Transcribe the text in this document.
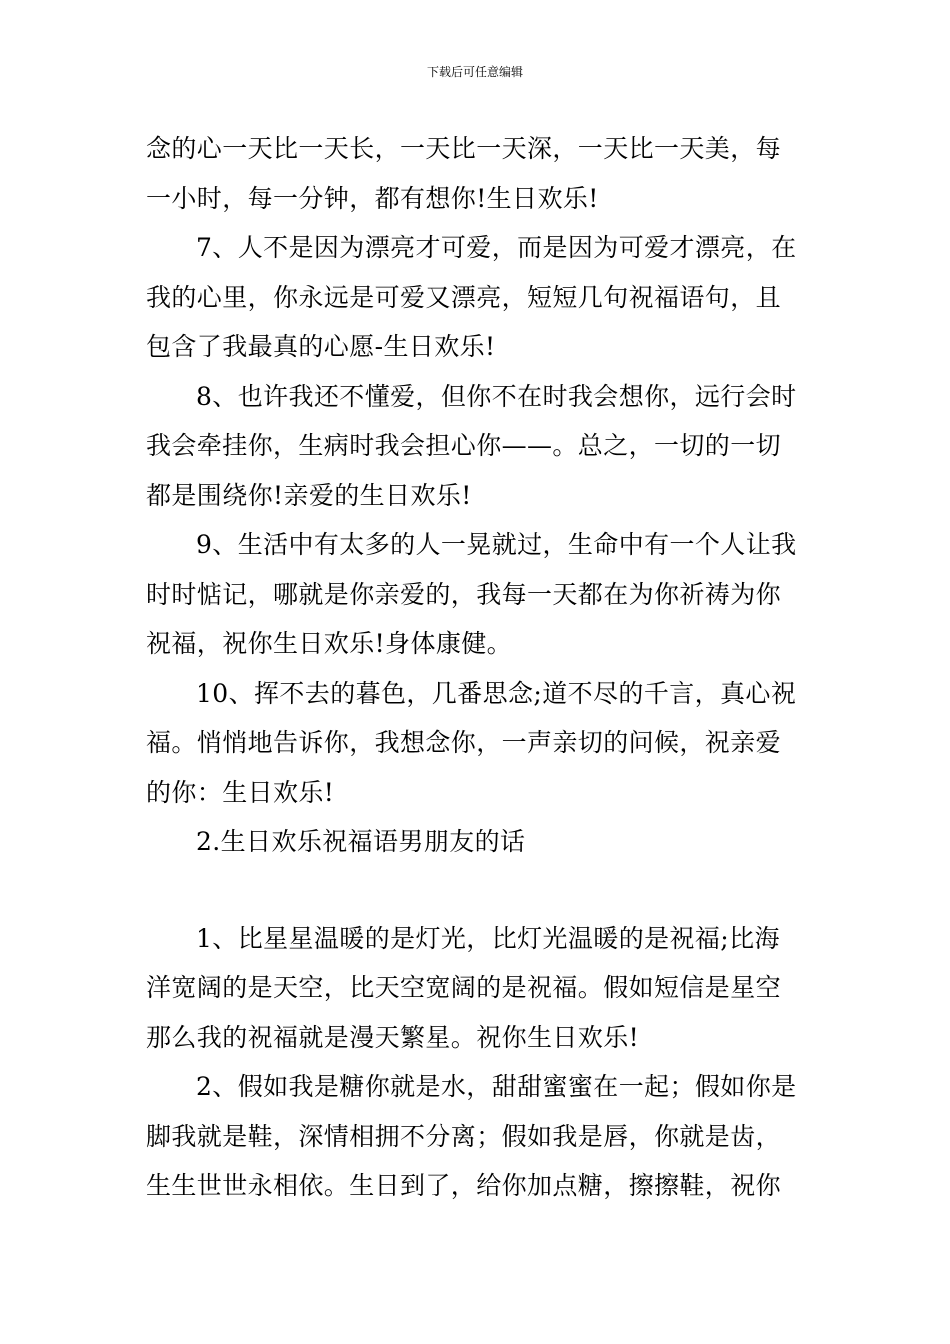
下载后可任意编辑
念的心一天比一天长，一天比一天深，一天比一天美，每
一小时，每一分钟，都有想你!生日欢乐!
7、人不是因为漂亮才可爱，而是因为可爱才漂亮，在
我的心里，你永远是可爱又漂亮，短短几句祝福语句，且
包含了我最真的心愿-生日欢乐!
8、也许我还不懂爱，但你不在时我会想你，远行会时
我会牵挂你，生病时我会担心你——。总之，一切的一切
都是围绕你!亲爱的生日欢乐!
9、生活中有太多的人一晃就过，生命中有一个人让我
时时惦记，哪就是你亲爱的，我每一天都在为你祈祷为你
祝福，祝你生日欢乐!身体康健。
10、挥不去的暮色，几番思念;道不尽的千言，真心祝
福。悄悄地告诉你，我想念你，一声亲切的问候，祝亲爱
的你：生日欢乐!
2.生日欢乐祝福语男朋友的话
1、比星星温暖的是灯光，比灯光温暖的是祝福;比海
洋宽阔的是天空，比天空宽阔的是祝福。假如短信是星空
那么我的祝福就是漫天繁星。祝你生日欢乐!
2、假如我是糖你就是水，甜甜蜜蜜在一起；假如你是
脚我就是鞋，深情相拥不分离；假如我是唇，你就是齿，
生生世世永相依。生日到了，给你加点糖，擦擦鞋，祝你
